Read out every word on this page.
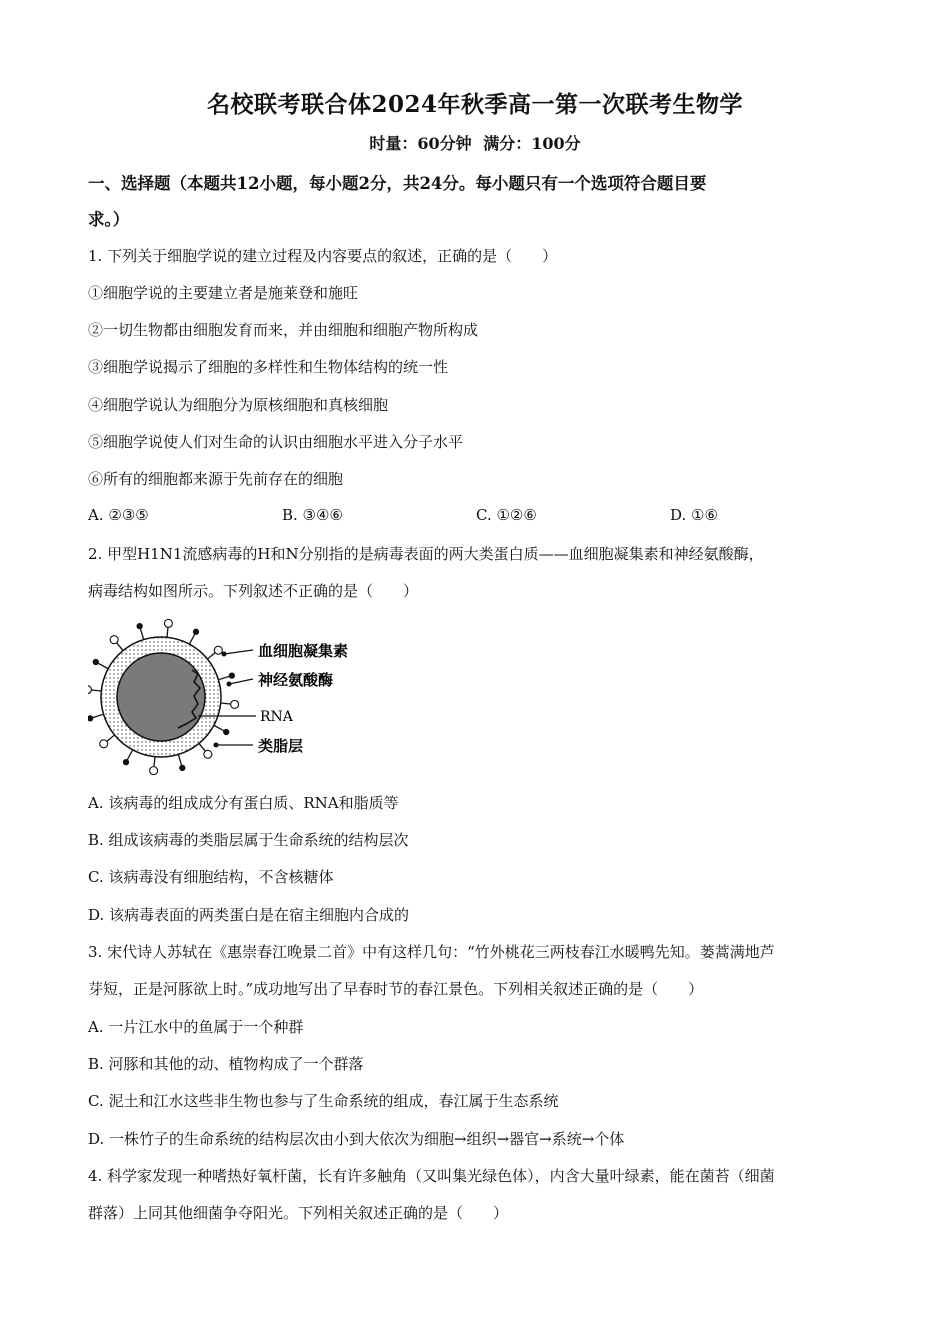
名校联考联合体2024年秋季高一第一次联考生物学
时量：60分钟 满分：100分
一、选择题（本题共12小题，每小题2分，共24分。每小题只有一个选项符合题目要
求。）
1. 下列关于细胞学说的建立过程及内容要点的叙述，正确的是（　　）
①细胞学说的主要建立者是施莱登和施旺
②一切生物都由细胞发育而来，并由细胞和细胞产物所构成
③细胞学说揭示了细胞的多样性和生物体结构的统一性
④细胞学说认为细胞分为原核细胞和真核细胞
⑤细胞学说使人们对生命的认识由细胞水平进入分子水平
⑥所有的细胞都来源于先前存在的细胞
A. ②③⑤	B. ③④⑥	C. ①②⑥	D. ①⑥
2. 甲型H1N1流感病毒的H和N分别指的是病毒表面的两大类蛋白质——血细胞凝集素和神经氨酸酶，
病毒结构如图所示。下列叙述不正确的是（　　）
血细胞凝集素
神经氨酸酶
RNA
类脂层
A. 该病毒的组成成分有蛋白质、RNA和脂质等
B. 组成该病毒的类脂层属于生命系统的结构层次
C. 该病毒没有细胞结构，不含核糖体
D. 该病毒表面的两类蛋白是在宿主细胞内合成的
3. 宋代诗人苏轼在《惠崇春江晚景二首》中有这样几句：“竹外桃花三两枝春江水暖鸭先知。蒌蒿满地芦
芽短，正是河豚欲上时。”成功地写出了早春时节的春江景色。下列相关叙述正确的是（　　）
A. 一片江水中的鱼属于一个种群
B. 河豚和其他的动、植物构成了一个群落
C. 泥土和江水这些非生物也参与了生命系统的组成，春江属于生态系统
D. 一株竹子的生命系统的结构层次由小到大依次为细胞→组织→器官→系统→个体
4. 科学家发现一种嗜热好氧杆菌，长有许多触角（又叫集光绿色体），内含大量叶绿素，能在菌苔（细菌
群落）上同其他细菌争夺阳光。下列相关叙述正确的是（　　）
